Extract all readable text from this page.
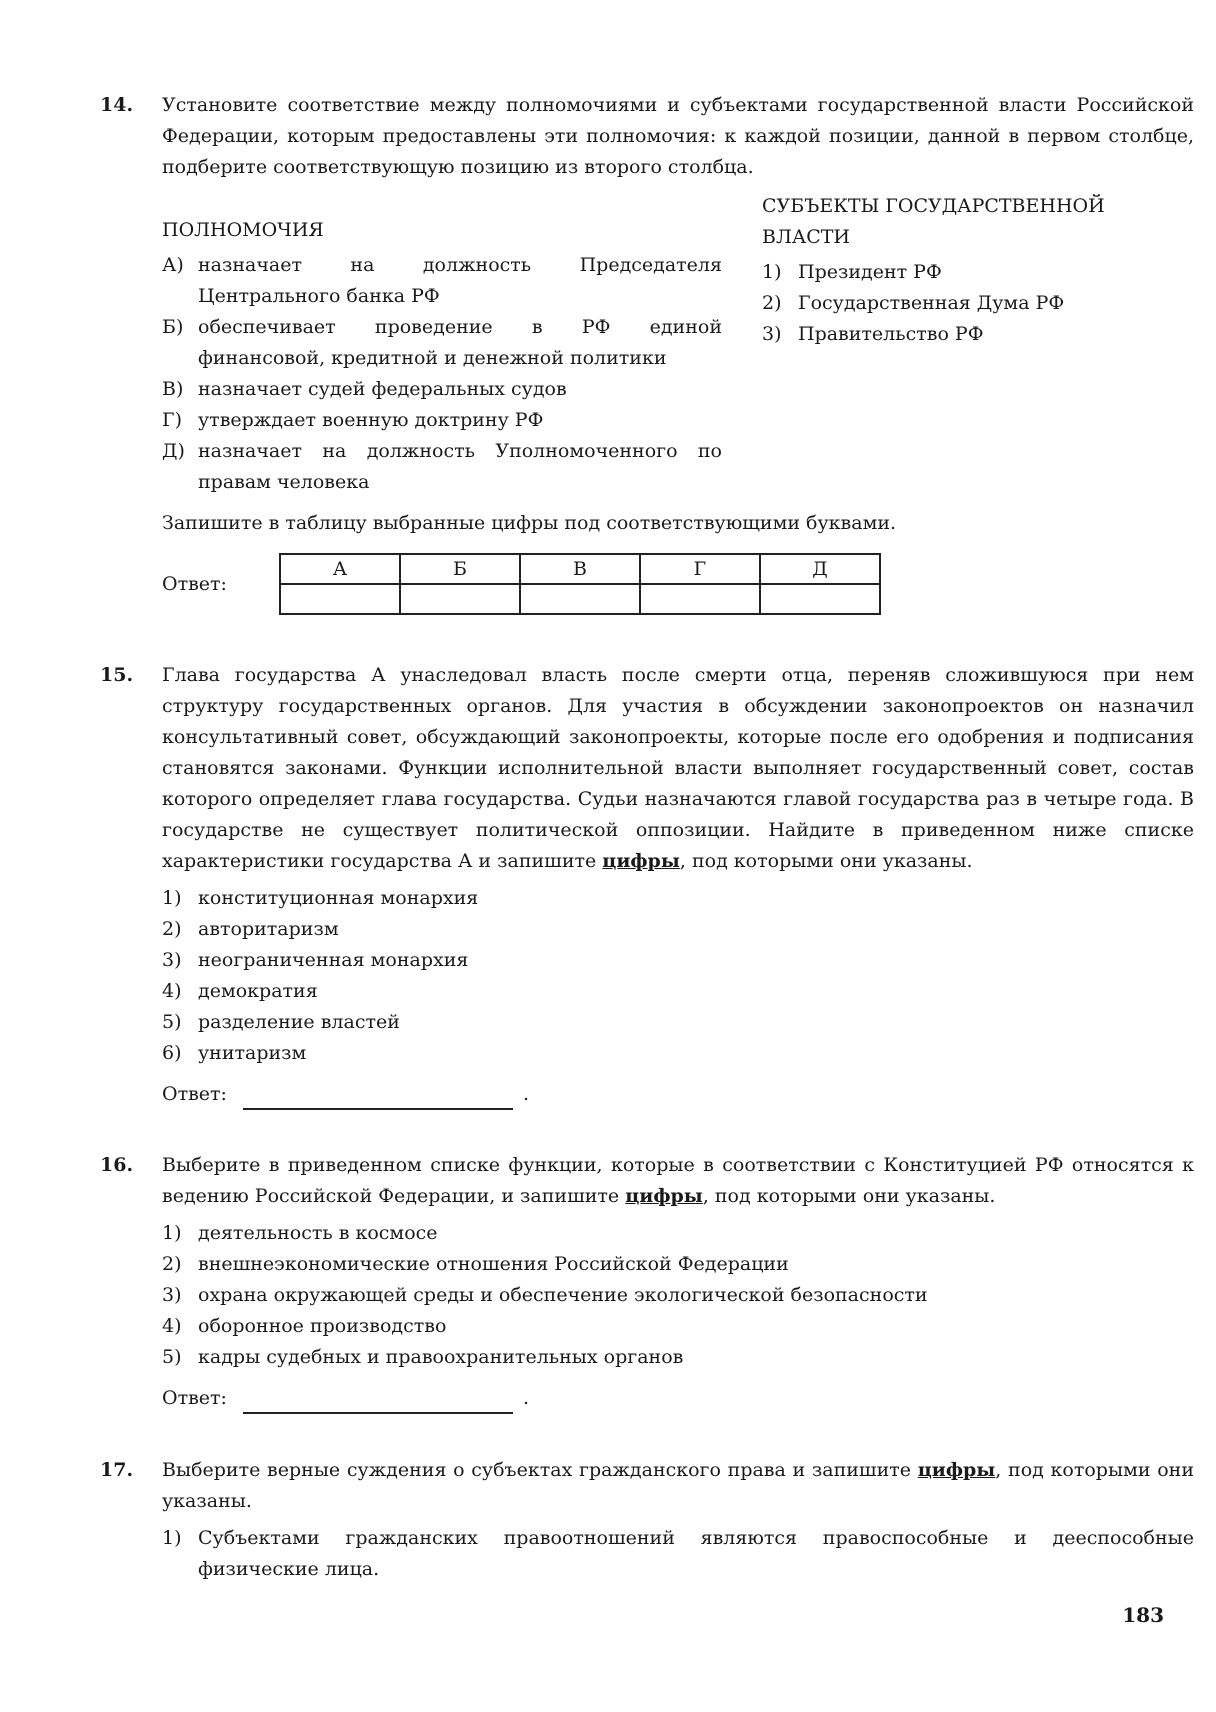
14. Установите соответствие между полномочиями и субъектами государственной власти Российской Федерации, которым предоставлены эти полномочия: к каждой позиции, данной в первом столбце, подберите соответствующую позицию из второго столбца.

ПОЛНОМОЧИЯ

А) назначает на должность Председателя Центрального банка РФ
Б) обеспечивает проведение в РФ единой финансовой, кредитной и денежной политики
В) назначает судей федеральных судов
Г) утверждает военную доктрину РФ
Д) назначает на должность Уполномоченного по правам человека

СУБЪЕКТЫ ГОСУДАРСТВЕННОЙ ВЛАСТИ

1) Президент РФ
2) Государственная Дума РФ
3) Правительство РФ

Запишите в таблицу выбранные цифры под соответствующими буквами.

Ответ:
А	Б	В	Г	Д

15. Глава государства А унаследовал власть после смерти отца, переняв сложившуюся при нем структуру государственных органов. Для участия в обсуждении законопроектов он назначил консультативный совет, обсуждающий законопроекты, которые после его одобрения и подписания становятся законами. Функции исполнительной власти выполняет государственный совет, состав которого определяет глава государства. Судьи назначаются главой государства раз в четыре года. В государстве не существует политической оппозиции. Найдите в приведенном ниже списке характеристики государства А и запишите цифры, под которыми они указаны.

1) конституционная монархия
2) авторитаризм
3) неограниченная монархия
4) демократия
5) разделение властей
6) унитаризм
Ответ:	.
16. Выберите в приведенном списке функции, которые в соответствии с Конституцией РФ относятся к ведению Российской Федерации, и запишите цифры, под которыми они указаны.

1) деятельность в космосе
2) внешнеэкономические отношения Российской Федерации
3) охрана окружающей среды и обеспечение экологической безопасности
4) оборонное производство
5) кадры судебных и правоохранительных органов
Ответ:	.
17. Выберите верные суждения о субъектах гражданского права и запишите цифры, под которыми они указаны.

1) Субъектами гражданских правоотношений являются правоспособные и дееспособные физические лица.
183
